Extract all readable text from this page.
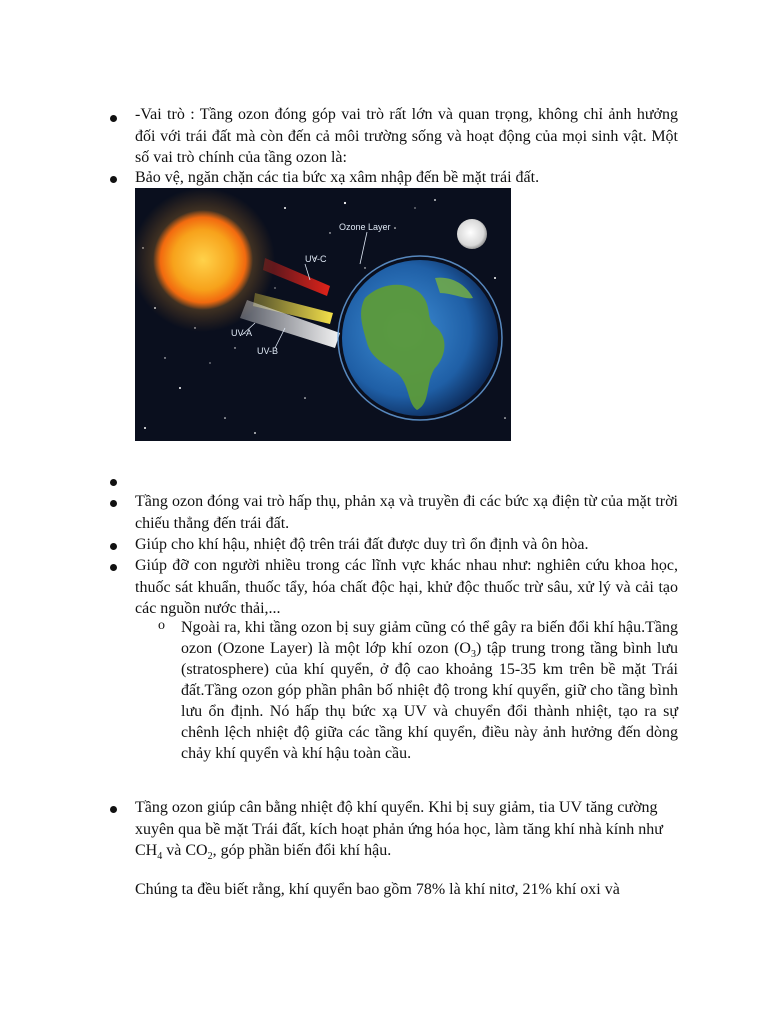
-Vai trò : Tầng ozon đóng góp vai trò rất lớn và quan trọng, không chỉ ảnh hưởng đối với trái đất mà còn đến cả môi trường sống và hoạt động của mọi sinh vật. Một số vai trò chính của tầng ozon là:
Bảo vệ, ngăn chặn các tia bức xạ xâm nhập đến bề mặt trái đất.
Ozone Layer
UV-C
UV-A
UV-B
Tầng ozon đóng vai trò hấp thụ, phản xạ và truyền đi các bức xạ điện từ của mặt trời chiếu thẳng đến trái đất.
Giúp cho khí hậu, nhiệt độ trên trái đất được duy trì ổn định và ôn hòa.
Giúp đỡ con người nhiều trong các lĩnh vực khác nhau như: nghiên cứu khoa học, thuốc sát khuẩn, thuốc tẩy, hóa chất độc hại, khử độc thuốc trừ sâu, xử lý và cải tạo các nguồn nước thải,...
o Ngoài ra, khi tầng ozon bị suy giảm cũng có thể gây ra biến đổi khí hậu.Tầng ozon (Ozone Layer) là một lớp khí ozon $(O_3)$ tập trung trong tầng bình lưu (stratosphere) của khí quyển, ở độ cao khoảng 15-35 km trên bề mặt Trái đất.Tầng ozon góp phần phân bố nhiệt độ trong khí quyển, giữ cho tầng bình lưu ổn định. Nó hấp thụ bức xạ UV và chuyển đổi thành nhiệt, tạo ra sự chênh lệch nhiệt độ giữa các tầng khí quyển, điều này ảnh hưởng đến dòng chảy khí quyển và khí hậu toàn cầu.
Tầng ozon giúp cân bằng nhiệt độ khí quyển. Khi bị suy giảm, tia UV tăng cường xuyên qua bề mặt Trái đất, kích hoạt phản ứng hóa học, làm tăng khí nhà kính như $CH_4$ và $CO_2$, góp phần biến đổi khí hậu.
Chúng ta đều biết rằng, khí quyển bao gồm 78% là khí nitơ, 21% khí oxi và
